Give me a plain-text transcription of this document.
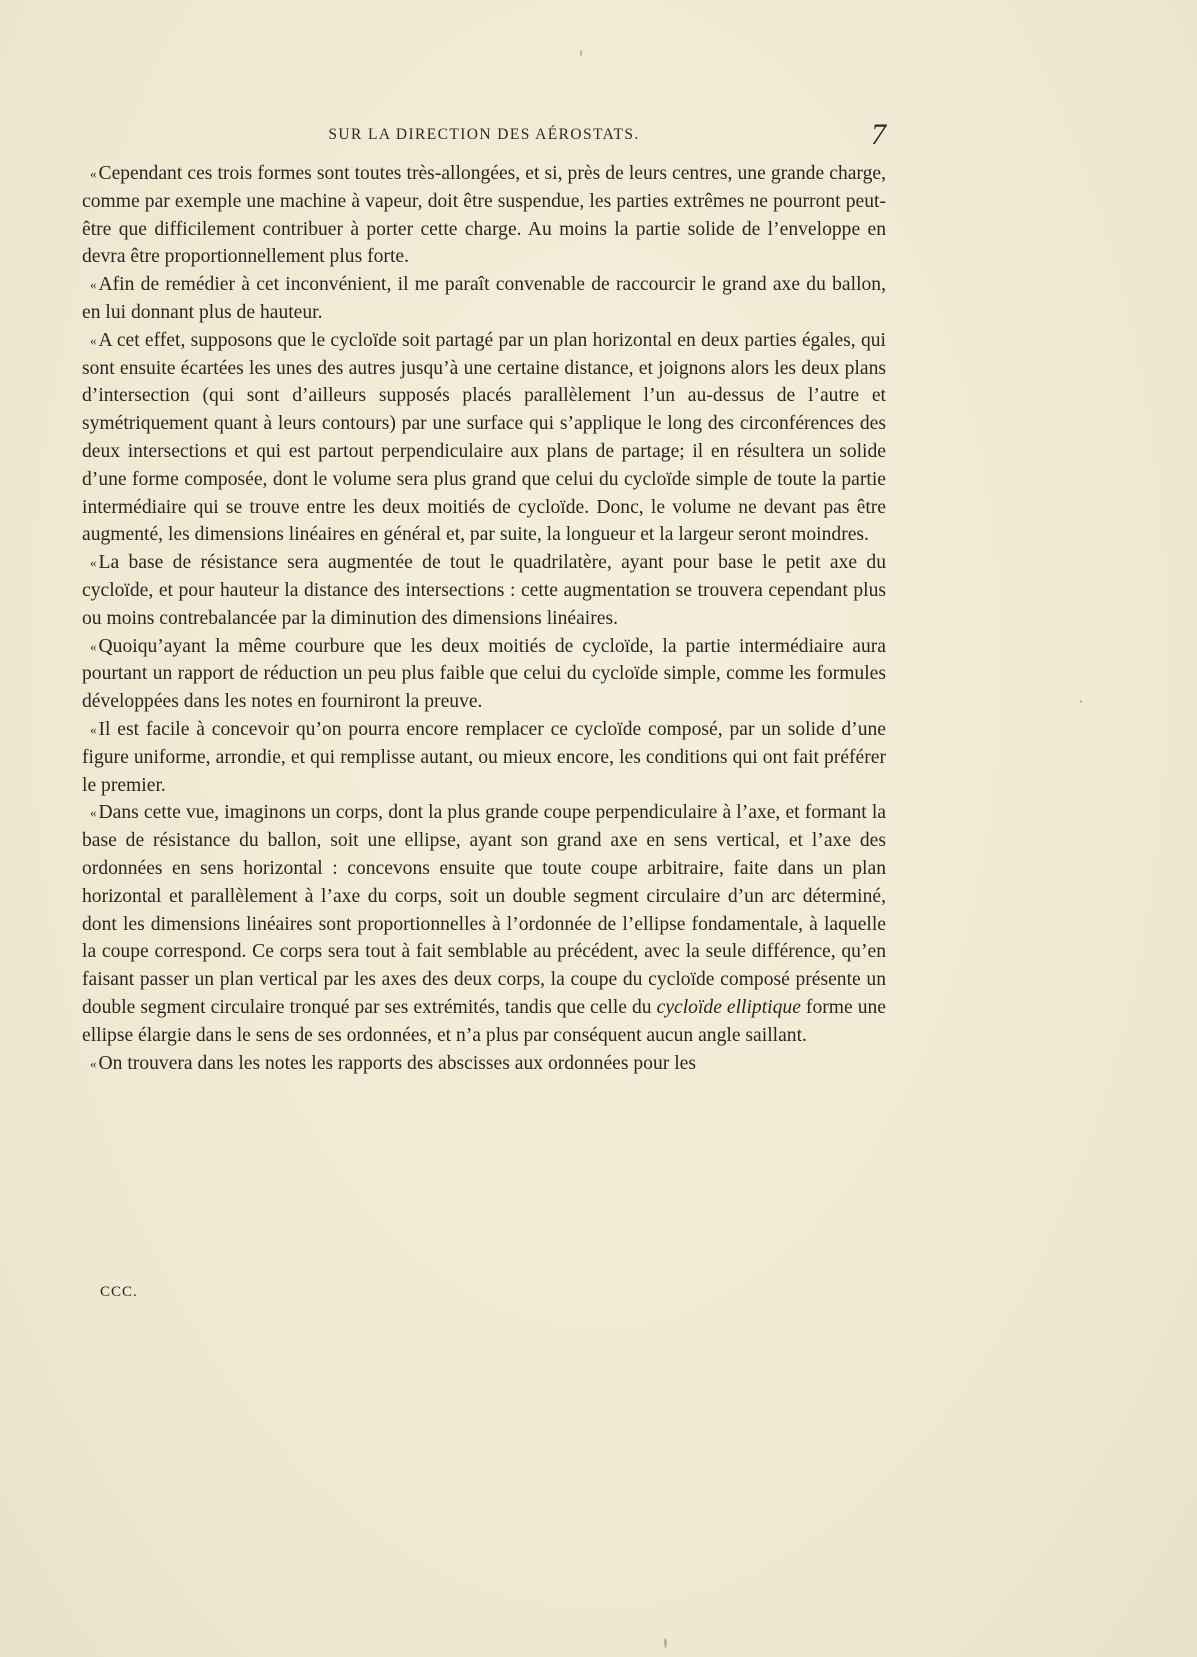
SUR LA DIRECTION DES AÉROSTATS.	7

« Cependant ces trois formes sont toutes très-allongées, et si, près de leurs centres, une grande charge, comme par exemple une machine à vapeur, doit être suspendue, les parties extrêmes ne pourront peut-être que difficilement contribuer à porter cette charge. Au moins la partie solide de l’enveloppe en devra être proportionnellement plus forte.

« Afin de remédier à cet inconvénient, il me paraît convenable de raccourcir le grand axe du ballon, en lui donnant plus de hauteur.

« A cet effet, supposons que le cycloïde soit partagé par un plan horizontal en deux parties égales, qui sont ensuite écartées les unes des autres jusqu’à une certaine distance, et joignons alors les deux plans d’intersection (qui sont d’ailleurs supposés placés parallèlement l’un au-dessus de l’autre et symétriquement quant à leurs contours) par une surface qui s’applique le long des circonférences des deux intersections et qui est partout perpendiculaire aux plans de partage; il en résultera un solide d’une forme composée, dont le volume sera plus grand que celui du cycloïde simple de toute la partie intermédiaire qui se trouve entre les deux moitiés de cycloïde. Donc, le volume ne devant pas être augmenté, les dimensions linéaires en général et, par suite, la longueur et la largeur seront moindres.

« La base de résistance sera augmentée de tout le quadrilatère, ayant pour base le petit axe du cycloïde, et pour hauteur la distance des intersections : cette augmentation se trouvera cependant plus ou moins contrebalancée par la diminution des dimensions linéaires.

« Quoiqu’ayant la même courbure que les deux moitiés de cycloïde, la partie intermédiaire aura pourtant un rapport de réduction un peu plus faible que celui du cycloïde simple, comme les formules développées dans les notes en fourniront la preuve.

« Il est facile à concevoir qu’on pourra encore remplacer ce cycloïde composé, par un solide d’une figure uniforme, arrondie, et qui remplisse autant, ou mieux encore, les conditions qui ont fait préférer le premier.

« Dans cette vue, imaginons un corps, dont la plus grande coupe perpendiculaire à l’axe, et formant la base de résistance du ballon, soit une ellipse, ayant son grand axe en sens vertical, et l’axe des ordonnées en sens horizontal : concevons ensuite que toute coupe arbitraire, faite dans un plan horizontal et parallèlement à l’axe du corps, soit un double segment circulaire d’un arc déterminé, dont les dimensions linéaires sont proportionnelles à l’ordonnée de l’ellipse fondamentale, à laquelle la coupe correspond. Ce corps sera tout à fait semblable au précédent, avec la seule différence, qu’en faisant passer un plan vertical par les axes des deux corps, la coupe du cycloïde composé présente un double segment circulaire tronqué par ses extrémités, tandis que celle du cycloïde elliptique forme une ellipse élargie dans le sens de ses ordonnées, et n’a plus par conséquent aucun angle saillant.

« On trouvera dans les notes les rapports des abscisses aux ordonnées pour les

CCC.
